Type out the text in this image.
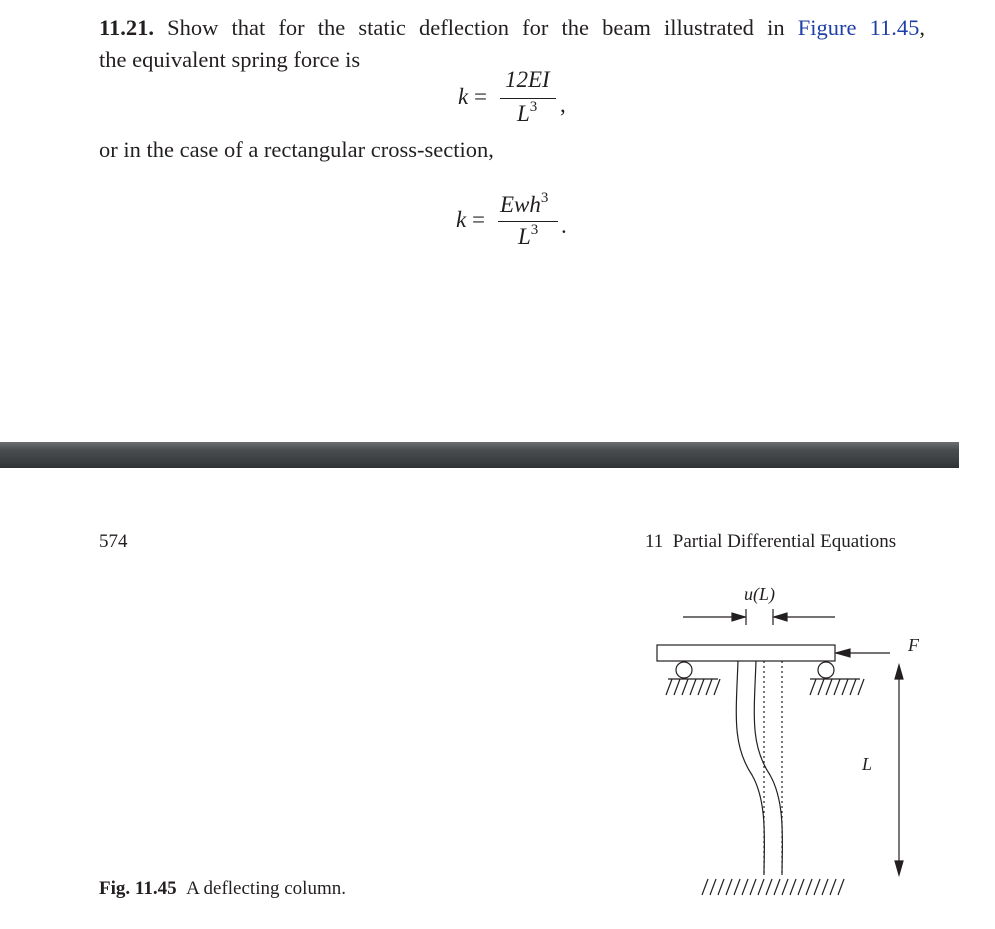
11.21. Show that for the static deflection for the beam illustrated in Figure 11.45,
the equivalent spring force is
k =
12EI
$L^3$ ,
or in the case of a rectangular cross-section,
k =
Ewh$^3$
$L^3$ .
574	11  Partial Differential Equations
u(L)
F
L
Fig. 11.45 A deflecting column.
